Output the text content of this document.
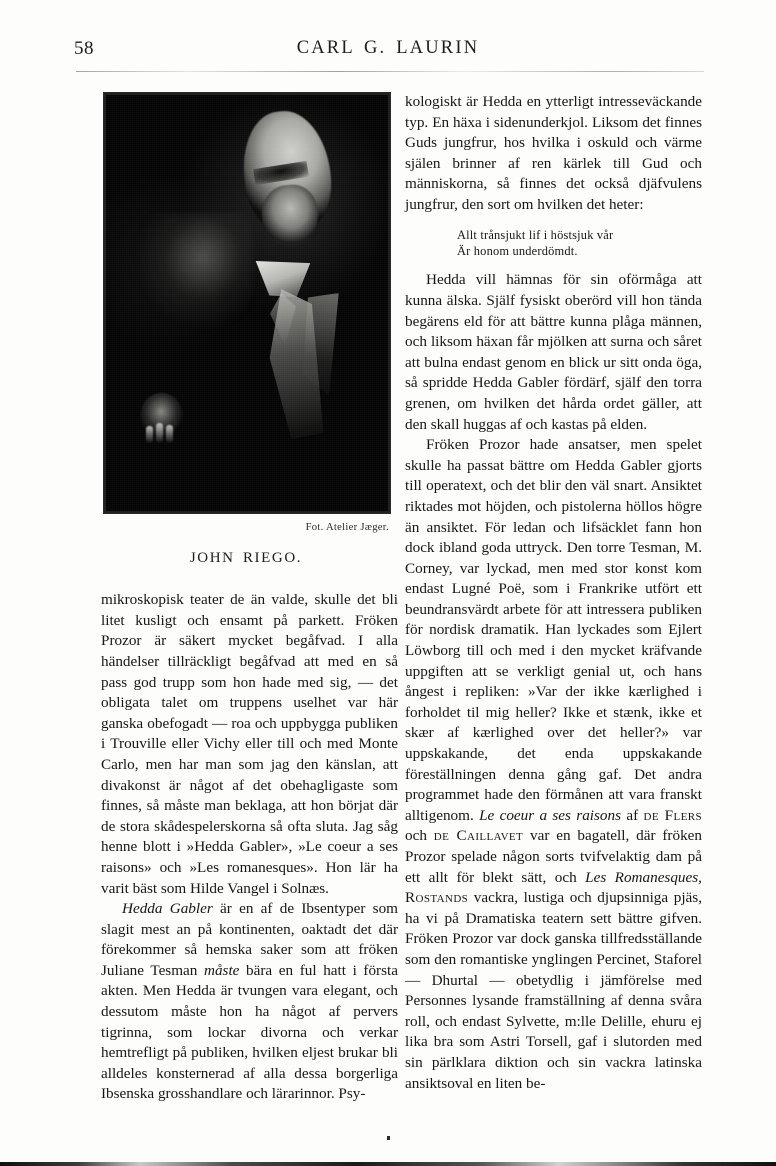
58	CARL G. LAURIN
Fot. Atelier Jæger.
JOHN RIEGO.

mikroskopisk teater de än valde, skulle det bli litet kusligt och ensamt på parkett. Fröken Prozor är säkert mycket begåfvad. I alla händelser tillräckligt begåfvad att med en så pass god trupp som hon hade med sig, — det obligata talet om truppens uselhet var här ganska obefogadt — roa och uppbygga publiken i Trouville eller Vichy eller till och med Monte Carlo, men har man som jag den känslan, att divakonst är något af det obehagligaste som finnes, så måste man beklaga, att hon börjat där de stora skådespelerskorna så ofta sluta. Jag såg henne blott i »Hedda Gabler», »Le coeur a ses raisons» och »Les romanesques». Hon lär ha varit bäst som Hilde Vangel i Solnæs.

Hedda Gabler är en af de Ibsentyper som slagit mest an på kontinenten, oaktadt det där förekommer så hemska saker som att fröken Juliane Tesman måste bära en ful hatt i första akten. Men Hedda är tvungen vara elegant, och dessutom måste hon ha något af pervers tigrinna, som lockar divorna och verkar hemtrefligt på publiken, hvilken eljest brukar bli alldeles konsternerad af alla dessa borgerliga Ibsenska grosshandlare och lärarinnor. Psy-

kologiskt är Hedda en ytterligt intresseväckande typ. En häxa i sidenunderkjol. Liksom det finnes Guds jungfrur, hos hvilka i oskuld och värme själen brinner af ren kärlek till Gud och människorna, så finnes det också djäfvulens jungfrur, den sort om hvilken det heter:

Allt trånsjukt lif i höstsjuk vår
Är honom underdömdt.

Hedda vill hämnas för sin oförmåga att kunna älska. Själf fysiskt oberörd vill hon tända begärens eld för att bättre kunna plåga männen, och liksom häxan får mjölken att surna och såret att bulna endast genom en blick ur sitt onda öga, så spridde Hedda Gabler fördärf, själf den torra grenen, om hvilken det hårda ordet gäller, att den skall huggas af och kastas på elden.

Fröken Prozor hade ansatser, men spelet skulle ha passat bättre om Hedda Gabler gjorts till operatext, och det blir den väl snart. Ansiktet riktades mot höjden, och pistolerna höllos högre än ansiktet. För ledan och lifsäcklet fann hon dock ibland goda uttryck. Den torre Tesman, M. Corney, var lyckad, men med stor konst kom endast Lugné Poë, som i Frankrike utfört ett beundransvärdt arbete för att intressera publiken för nordisk dramatik. Han lyckades som Ejlert Löwborg till och med i den mycket kräfvande uppgiften att se verkligt genial ut, och hans ångest i repliken: »Var der ikke kærlighed i forholdet til mig heller? Ikke et stænk, ikke et skær af kærlighed over det heller?» var uppskakande, det enda uppskakande föreställningen denna gång gaf. Det andra programmet hade den förmånen att vara franskt alltigenom. Le coeur a ses raisons af de Flers och de Caillavet var en bagatell, där fröken Prozor spelade någon sorts tvifvelaktig dam på ett allt för blekt sätt, och Les Romanesques, Rostands vackra, lustiga och djupsinniga pjäs, ha vi på Dramatiska teatern sett bättre gifven. Fröken Prozor var dock ganska tillfredsställande som den romantiske ynglingen Percinet, Staforel — Dhurtal — obetydlig i jämförelse med Personnes lysande framställning af denna svåra roll, och endast Sylvette, m:lle Delille, ehuru ej lika bra som Astri Torsell, gaf i slutorden med sin pärlklara diktion och sin vackra latinska ansiktsoval en liten be-
